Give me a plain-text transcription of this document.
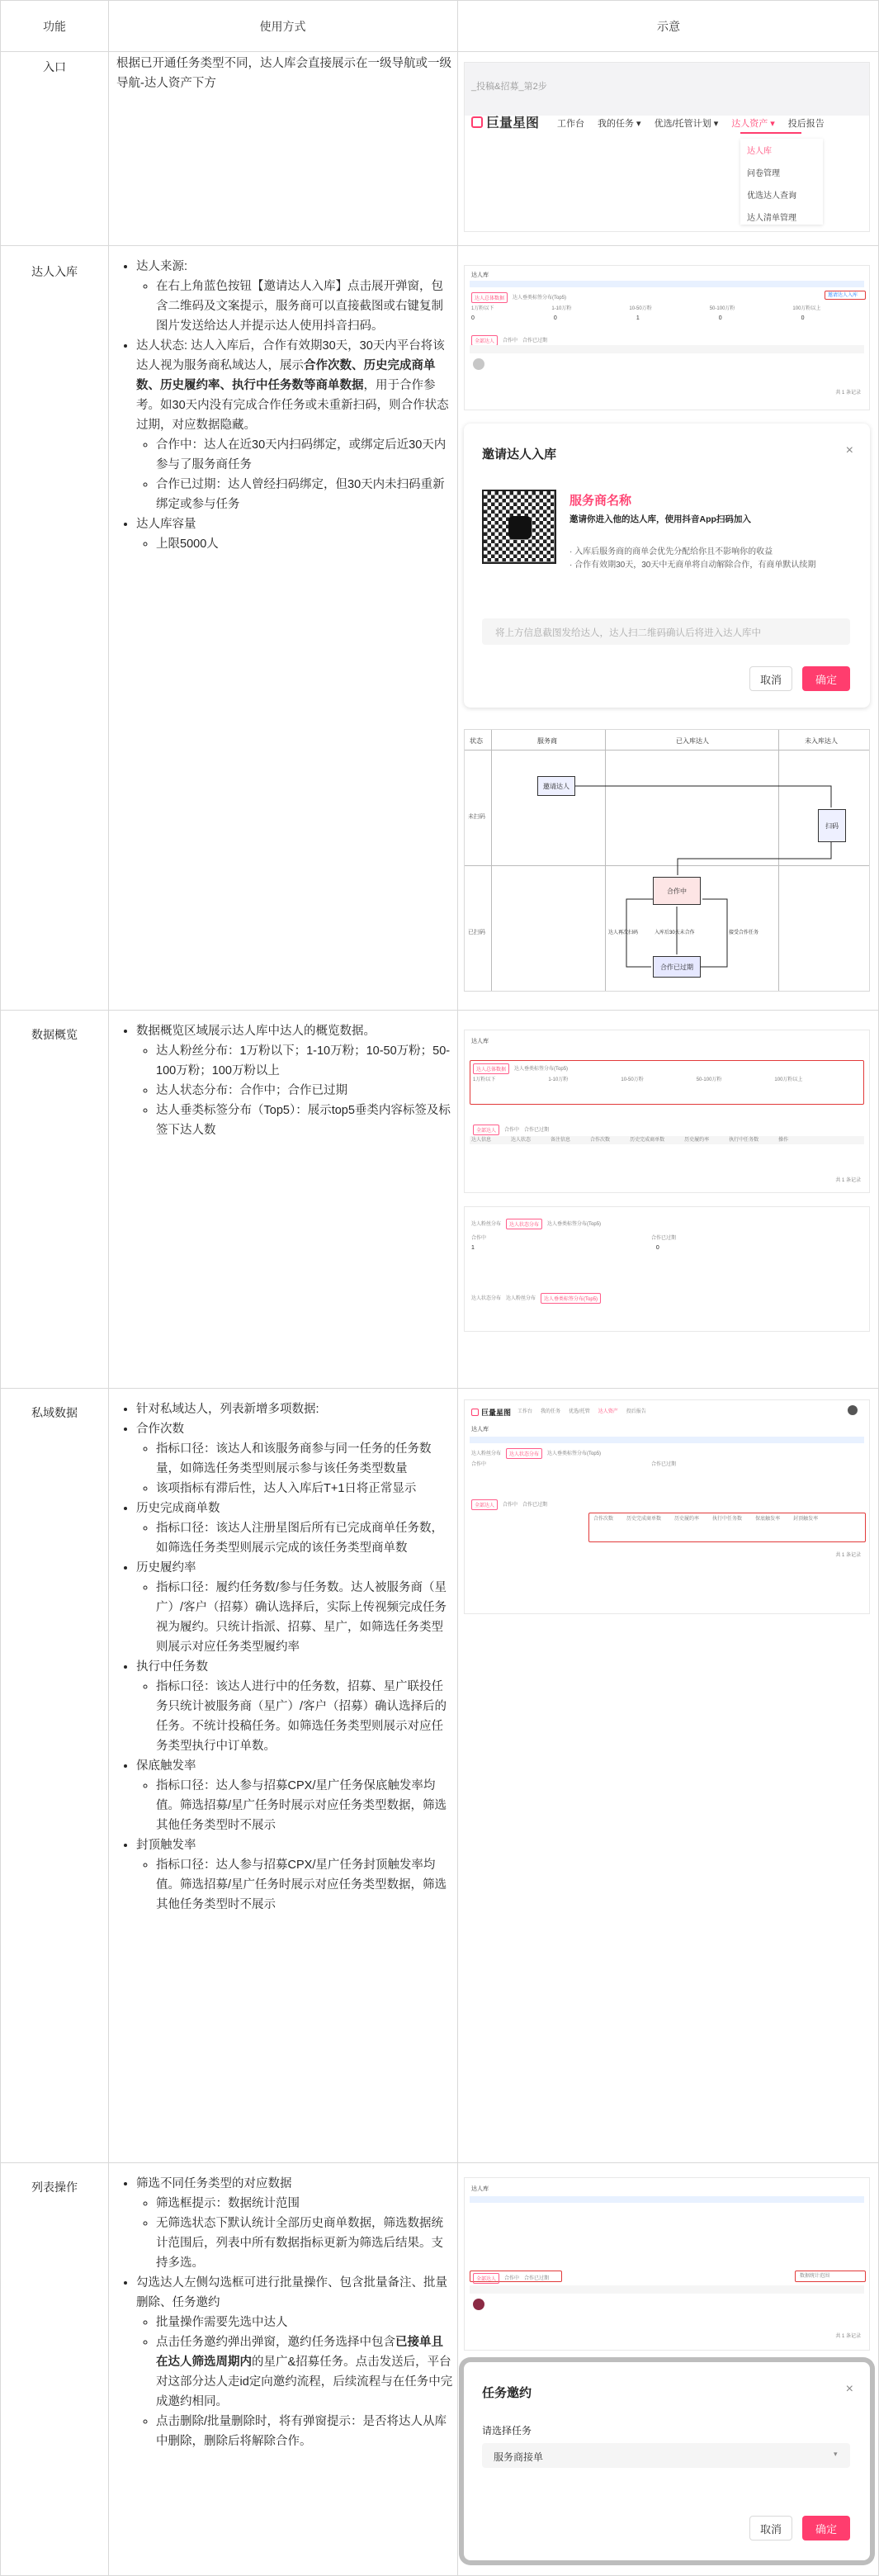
功能	使用方式	示意
入口	根据已开通任务类型不同，达人库会直接展示在一级导航或一级导航-达人资产下方	_投稿&招募_第2步
巨量星图 工作台 我的任务 ▾ 优选/托管计划 ▾ 达人资产 ▾ 投后报告
达人库
问卷管理
优选达人查询
达人清单管理
达人入库	• 达人来源:
◦ 在右上角蓝色按钮【邀请达人入库】点击展开弹窗，包含二维码及文案提示，服务商可以直接截图或右键复制图片发送给达人并提示达人使用抖音扫码。
• 达人状态: 达人入库后，合作有效期30天，30天内平台将该达人视为服务商私域达人，展示合作次数、历史完成商单数、历史履约率、执行中任务数等商单数据，用于合作参考。如30天内没有完成合作任务或未重新扫码，则合作状态过期，对应数据隐藏。
◦ 合作中：达人在近30天内扫码绑定，或绑定后近30天内参与了服务商任务
◦ 合作已过期：达人曾经扫码绑定，但30天内未扫码重新绑定或参与任务
• 达人库容量
◦ 上限5000人
达人库
达人总体数据	达人垂类标签分布(Top5)	邀请达人入库
1万粉以下	1-10万粉	10-50万粉	50-100万粉	100万粉以上
0	0	1	0	0
全部达人	合作中 合作已过期
共 1 条记录
邀请达人入库	×
服务商名称
邀请你进入他的达人库，使用抖音App扫码加入
· 入库后服务商的商单会优先分配给你且不影响你的收益
· 合作有效期30天，30天中无商单将自动解除合作，有商单默认续期
将上方信息截图发给达人，达人扫二维码确认后将进入达人库中
取消	确定
状态	服务商	已入库达人	未入库达人
未扫码
已扫码
邀请达人
扫码
合作中
合作已过期
达人再次扫码	入库后30天未合作	接受合作任务
数据概览	• 数据概览区域展示达人库中达人的概览数据。
◦ 达人粉丝分布：1万粉以下；1-10万粉；10-50万粉；50-100万粉；100万粉以上
◦ 达人状态分布：合作中；合作已过期
◦ 达人垂类标签分布（Top5）：展示top5垂类内容标签及标签下达人数
达人库
达人总体数据	达人垂类标签分布(Top5)
1万粉以下	1-10万粉	10-50万粉	50-100万粉	100万粉以上
全部达人	合作中 合作已过期
达人信息	达人状态	备注信息	合作次数	历史完成商单数	历史履约率	执行中任务数	操作
共 1 条记录
达人粉丝分布	达人状态分布	达人垂类标签分布(Top5)
合作中	合作已过期
1	0
达人状态分布 达人粉丝分布	达人垂类标签分布(Top5)
私域数据	• 针对私域达人，列表新增多项数据:
• 合作次数
◦ 指标口径：该达人和该服务商参与同一任务的任务数量，如筛选任务类型则展示参与该任务类型数量
◦ 该项指标有滞后性，达人入库后T+1日将正常显示
• 历史完成商单数
◦ 指标口径：该达人注册星图后所有已完成商单任务数，如筛选任务类型则展示完成的该任务类型商单数
• 历史履约率
◦ 指标口径：履约任务数/参与任务数。达人被服务商（星广）/客户（招募）确认选择后，实际上传视频完成任务视为履约。只统计指派、招募、星广，如筛选任务类型则展示对应任务类型履约率
• 执行中任务数
◦ 指标口径：该达人进行中的任务数，招募、星广联投任务只统计被服务商（星广）/客户（招募）确认选择后的任务。不统计投稿任务。如筛选任务类型则展示对应任务类型执行中订单数。
• 保底触发率
◦ 指标口径：达人参与招募CPX/星广任务保底触发率均值。筛选招募/星广任务时展示对应任务类型数据，筛选其他任务类型时不展示
• 封顶触发率
◦ 指标口径：达人参与招募CPX/星广任务封顶触发率均值。筛选招募/星广任务时展示对应任务类型数据，筛选其他任务类型时不展示
巨量星图 工作台 我的任务 优选/托管 达人资产 投后报告
达人库
达人粉丝分布	达人状态分布	达人垂类标签分布(Top5)
合作中	合作已过期
全部达人	合作中 合作已过期
合作次数	历史完成商单数	历史履约率	执行中任务数	保底触发率	封顶触发率
共 1 条记录
列表操作	• 筛选不同任务类型的对应数据
◦ 筛选框提示：数据统计范围
◦ 无筛选状态下默认统计全部历史商单数据，筛选数据统计范围后，列表中所有数据指标更新为筛选后结果。支持多选。
• 勾选达人左侧勾选框可进行批量操作、包含批量备注、批量删除、任务邀约
◦ 批量操作需要先选中达人
◦ 点击任务邀约弹出弹窗，邀约任务选择中包含已接单且在达人筛选周期内的星广&招募任务。点击发送后，平台对这部分达人走id定向邀约流程，后续流程与在任务中完成邀约相同。
◦ 点击删除/批量删除时，将有弹窗提示：是否将达人从库中删除，删除后将解除合作。
达人库
全部达人	合作中 合作已过期	数据统计范围
共 1 条记录
任务邀约	×
请选择任务
服务商接单	▾
取消	确定
